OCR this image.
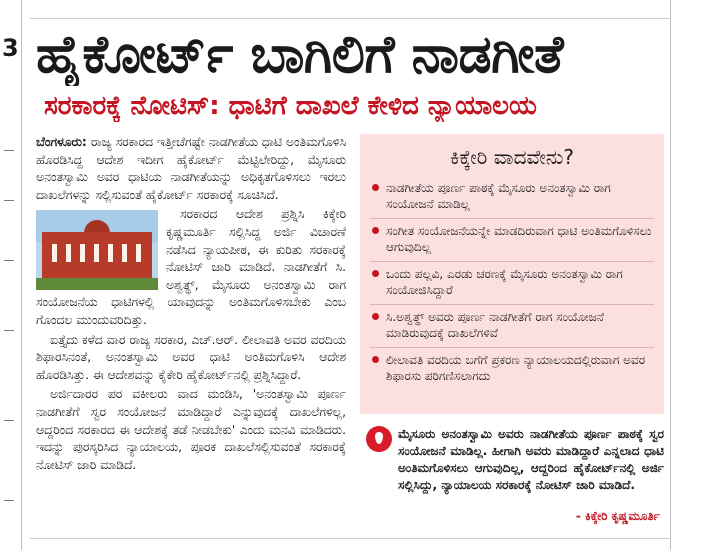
3 ಹೈಕೋರ್ಟ್ ಬಾಗಿಲಿಗೆ ನಾಡಗೀತೆ
ಸರಕಾರಕ್ಕೆ ನೋಟಿಸ್: ಧಾಟಿಗೆ ದಾಖಲೆ ಕೇಳಿದ ನ್ಯಾಯಾಲಯ

ಬೆಂಗಳೂರು: ರಾಜ್ಯ ಸರಕಾರದ ಇತ್ತೀಚೆಗಷ್ಟೇ ನಾಡಗೀತೆಯ ಧಾಟಿ ಅಂತಿಮಗೊಳಿಸಿ ಹೊರಡಿಸಿದ್ದ ಆದೇಶ ಇದೀಗ ಹೈಕೋರ್ಟ್ ಮೆಟ್ಟಿಲೇರಿದ್ದು, ಮೈಸೂರು ಅನಂತಸ್ವಾಮಿ ಅವರ ಧಾಟಿಯ ನಾಡಗೀತೆಯನ್ನು ಅಧಿಕೃತಗೊಳಿಸಲು ಇರಲು ದಾಖಲೆಗಳನ್ನು ಸಲ್ಲಿಸುವಂತೆ ಹೈಕೋರ್ಟ್ ಸರಕಾರಕ್ಕೆ ಸೂಚಿಸಿದೆ.

ಸರಕಾರದ ಆದೇಶ ಪ್ರಶ್ನಿಸಿ ಕಿಕ್ಕೇರಿ ಕೃಷ್ಣಮೂರ್ತಿ ಸಲ್ಲಿಸಿದ್ದ ಅರ್ಜಿ ವಿಚಾರಣೆ ನಡೆಸಿದ ನ್ಯಾಯಪೀಠ, ಈ ಕುರಿತು ಸರಕಾರಕ್ಕೆ ನೋಟಿಸ್ ಜಾರಿ ಮಾಡಿದೆ. ನಾಡಗೀತೆಗೆ ಸಿ. ಅಶ್ವತ್ಥ್, ಮೈಸೂರು ಅನಂತಸ್ವಾಮಿ ರಾಗ ಸಂಯೋಜನೆಯ ಧಾಟಿಗಳಲ್ಲಿ ಯಾವುದನ್ನು ಅಂತಿಮಗೊಳಿಸಬೇಕು ಎಂಬ ಗೊಂದಲ ಮುಂದುವರಿದಿತ್ತು.

ಐತ್ತೈದು ಕಳೆದ ವಾರ ರಾಜ್ಯ ಸರಕಾರ, ಎಚ್.ಆರ್. ಲೀಲಾವತಿ ಅವರ ವರದಿಯ ಶಿಫಾರಸಿನಂತೆ, ಅನಂತಸ್ವಾಮಿ ಅವರ ಧಾಟಿ ಅಂತಿಮಗೊಳಿಸಿ ಆದೇಶ ಹೊರಡಿಸಿತ್ತು. ಈ ಆದೇಶವನ್ನು ಕೈಕೇರಿ ಹೈಕೋರ್ಟ್‌ನಲ್ಲಿ ಪ್ರಶ್ನಿಸಿದ್ದಾರೆ.

ಅರ್ಜಿದಾರರ ಪರ ವಕೀಲರು ವಾದ ಮಂಡಿಸಿ, 'ಅನಂತಸ್ವಾಮಿ ಪೂರ್ಣ ನಾಡಗೀತೆಗೆ ಸ್ವರ ಸಂಯೋಜನೆ ಮಾಡಿದ್ದಾರೆ ಎನ್ನುವುದಕ್ಕೆ ದಾಖಲೆಗಳಿಲ್ಲ, ಆದ್ದರಿಂದ ಸರಕಾರದ ಈ ಆದೇಶಕ್ಕೆ ತಡೆ ನೀಡಬೇಕು' ಎಂದು ಮನವಿ ಮಾಡಿದರು. ಇದನ್ನು ಪುರಸ್ಕರಿಸಿದ ನ್ಯಾಯಾಲಯ, ಪೂರಕ ದಾಖಲೆಸಲ್ಲಿಸುವಂತೆ ಸರಕಾರಕ್ಕೆ ನೋಟಿಸ್ ಜಾರಿ ಮಾಡಿದೆ.

ಕಿಕ್ಕೇರಿ ವಾದವೇನು?
ನಾಡಗೀತೆಯ ಪೂರ್ಣ ಪಾಠಕ್ಕೆ ಮೈಸೂರು ಅನಂತಸ್ವಾಮಿ ರಾಗ ಸಂಯೋಜನೆ ಮಾಡಿಲ್ಲ
ಸಂಗೀತ ಸಂಯೋಜನೆಯನ್ನೇ ಮಾಡದಿರುವಾಗ ಧಾಟಿ ಅಂತಿಮಗೊಳಿಸಲು ಆಗುವುದಿಲ್ಲ
ಒಂದು ಪಲ್ಲವಿ, ಎರಡು ಚರಣಕ್ಕೆ ಮೈಸೂರು ಅನಂತಸ್ವಾಮಿ ರಾಗ ಸಂಯೋಜಿಸಿದ್ದಾರೆ
ಸಿ.ಅಶ್ವತ್ಥ್ ಅವರು ಪೂರ್ಣ ನಾಡಗೀತೆಗೆ ರಾಗ ಸಂಯೋಜನೆ ಮಾಡಿರುವುದಕ್ಕೆ ದಾಖಲೆಗಳಿವೆ
ಲೀಲಾವತಿ ವರದಿಯ ಬಗೆಗೆ ಪ್ರಕರಣ ನ್ಯಾಯಾಲಯದಲ್ಲಿರುವಾಗ ಅವರ ಶಿಫಾರಸು ಪರಿಗಣಿಸಲಾಗದು

ಮೈಸೂರು ಅನಂತಸ್ವಾಮಿ ಅವರು ನಾಡಗೀತೆಯ ಪೂರ್ಣ ಪಾಠಕ್ಕೆ ಸ್ವರ ಸಂಯೋಜನೆ ಮಾಡಿಲ್ಲ. ಹೀಗಾಗಿ ಅವರು ಮಾಡಿದ್ದಾರೆ ಎನ್ನಲಾದ ಧಾಟಿ ಅಂತಿಮಗೊಳಿಸಲು ಆಗುವುದಿಲ್ಲ, ಆದ್ದರಿಂದ ಹೈಕೋರ್ಟ್‌ನಲ್ಲಿ ಅರ್ಜಿ ಸಲ್ಲಿಸಿದ್ದು, ನ್ಯಾಯಾಲಯ ಸರಕಾರಕ್ಕೆ ನೋಟಿಸ್ ಜಾರಿ ಮಾಡಿದೆ.

- ಕಿಕ್ಕೇರಿ ಕೃಷ್ಣಮೂರ್ತಿ
